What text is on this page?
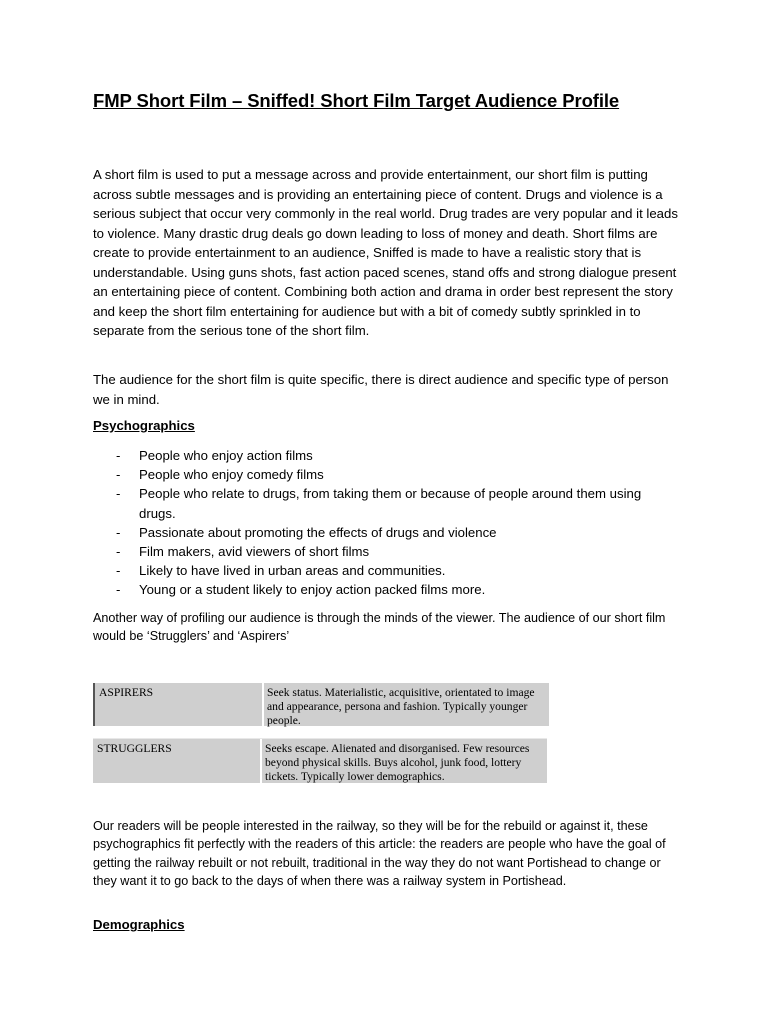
FMP Short Film – Sniffed! Short Film Target Audience Profile
A short film is used to put a message across and provide entertainment, our short film is putting across subtle messages and is providing an entertaining piece of content. Drugs and violence is a serious subject that occur very commonly in the real world. Drug trades are very popular and it leads to violence. Many drastic drug deals go down leading to loss of money and death. Short films are create to provide entertainment to an audience, Sniffed is made to have a realistic story that is understandable. Using guns shots, fast action paced scenes, stand offs and strong dialogue present an entertaining piece of content. Combining both action and drama in order best represent the story and keep the short film entertaining for audience but with a bit of comedy subtly sprinkled in to separate from the serious tone of the short film.
The audience for the short film is quite specific, there is direct audience and specific type of person we in mind.
Psychographics
- People who enjoy action films
- People who enjoy comedy films
- People who relate to drugs, from taking them or because of people around them using drugs.
- Passionate about promoting the effects of drugs and violence
- Film makers, avid viewers of short films
- Likely to have lived in urban areas and communities.
- Young or a student likely to enjoy action packed films more.
Another way of profiling our audience is through the minds of the viewer. The audience of our short film would be ‘Strugglers’ and ‘Aspirers’
ASPIRERS	Seek status. Materialistic, acquisitive, orientated to image and appearance, persona and fashion. Typically younger people.
STRUGGLERS	Seeks escape. Alienated and disorganised. Few resources beyond physical skills. Buys alcohol, junk food, lottery tickets. Typically lower demographics.
Our readers will be people interested in the railway, so they will be for the rebuild or against it, these psychographics fit perfectly with the readers of this article: the readers are people who have the goal of getting the railway rebuilt or not rebuilt, traditional in the way they do not want Portishead to change or they want it to go back to the days of when there was a railway system in Portishead.
Demographics
